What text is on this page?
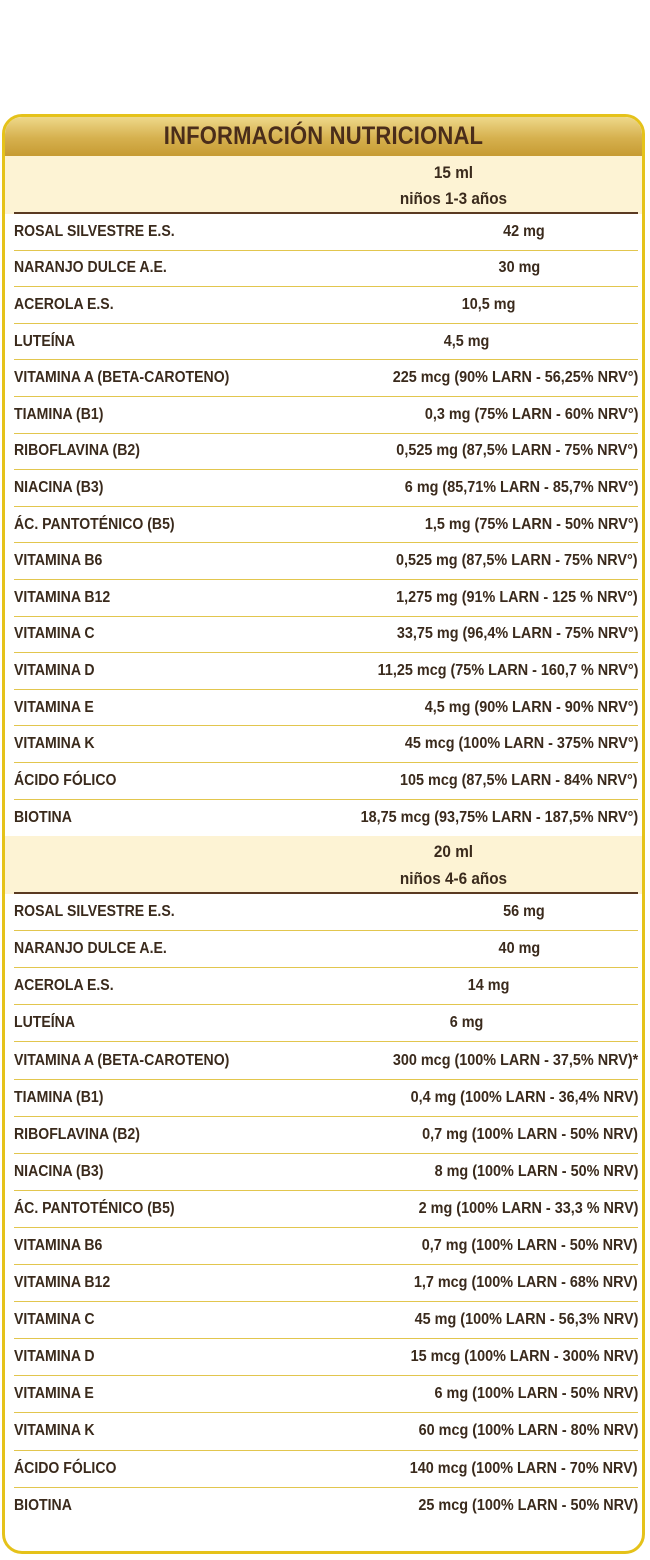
INFORMACIÓN NUTRICIONAL
15 ml
niños 1-3 años
ROSAL SILVESTRE E.S.	42 mg
NARANJO DULCE A.E.	30 mg
ACEROLA E.S.	10,5 mg
LUTEÍNA	4,5 mg
VITAMINA A (BETA-CAROTENO)	225 mcg (90% LARN - 56,25% NRV°)
TIAMINA (B1)	0,3 mg (75% LARN - 60% NRV°)
RIBOFLAVINA (B2)	0,525 mg (87,5% LARN - 75% NRV°)
NIACINA (B3)	6 mg (85,71% LARN - 85,7% NRV°)
ÁC. PANTOTÉNICO (B5)	1,5 mg (75% LARN - 50% NRV°)
VITAMINA B6	0,525 mg (87,5% LARN - 75% NRV°)
VITAMINA B12	1,275 mg (91% LARN - 125 % NRV°)
VITAMINA C	33,75 mg (96,4% LARN - 75% NRV°)
VITAMINA D	11,25 mcg (75% LARN - 160,7 % NRV°)
VITAMINA E	4,5 mg (90% LARN - 90% NRV°)
VITAMINA K	45 mcg (100% LARN - 375% NRV°)
ÁCIDO FÓLICO	105 mcg (87,5% LARN - 84% NRV°)
BIOTINA	18,75 mcg (93,75% LARN - 187,5% NRV°)
20 ml
niños 4-6 años
ROSAL SILVESTRE E.S.	56 mg
NARANJO DULCE A.E.	40 mg
ACEROLA E.S.	14 mg
LUTEÍNA	6 mg
VITAMINA A (BETA-CAROTENO)	300 mcg (100% LARN - 37,5% NRV)*
TIAMINA (B1)	0,4 mg (100% LARN - 36,4% NRV)
RIBOFLAVINA (B2)	0,7 mg (100% LARN - 50% NRV)
NIACINA (B3)	8 mg (100% LARN - 50% NRV)
ÁC. PANTOTÉNICO (B5)	2 mg (100% LARN - 33,3 % NRV)
VITAMINA B6	0,7 mg (100% LARN - 50% NRV)
VITAMINA B12	1,7 mcg (100% LARN - 68% NRV)
VITAMINA C	45 mg (100% LARN - 56,3% NRV)
VITAMINA D	15 mcg (100% LARN - 300% NRV)
VITAMINA E	6 mg (100% LARN - 50% NRV)
VITAMINA K	60 mcg (100% LARN - 80% NRV)
ÁCIDO FÓLICO	140 mcg (100% LARN - 70% NRV)
BIOTINA	25 mcg (100% LARN - 50% NRV)
